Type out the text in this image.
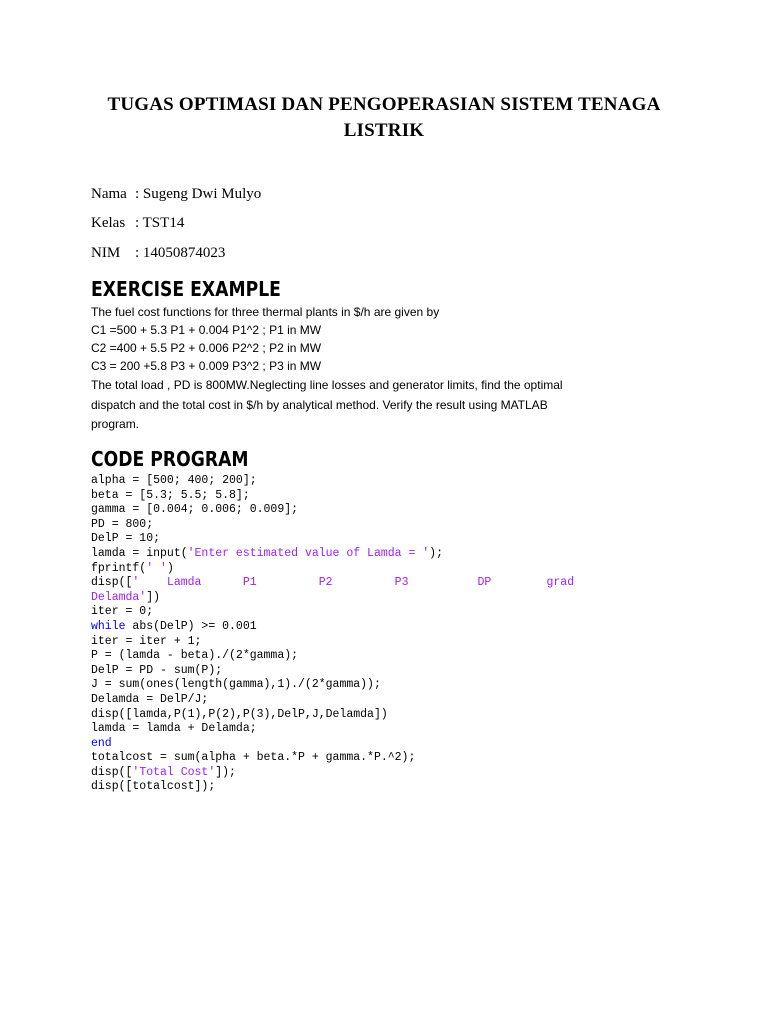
TUGAS OPTIMASI DAN PENGOPERASIAN SISTEM TENAGA
LISTRIK
Nama : Sugeng Dwi Mulyo
Kelas : TST14
NIM : 14050874023
EXERCISE EXAMPLE
The fuel cost functions for three thermal plants in $/h are given by
C1 =500 + 5.3 P1 + 0.004 P1^2 ; P1 in MW
C2 =400 + 5.5 P2 + 0.006 P2^2 ; P2 in MW
C3 = 200 +5.8 P3 + 0.009 P3^2 ; P3 in MW
The total load , PD is 800MW.Neglecting line losses and generator limits, find the optimal
dispatch and the total cost in $/h by analytical method. Verify the result using MATLAB
program.
CODE PROGRAM
alpha = [500; 400; 200];
beta = [5.3; 5.5; 5.8];
gamma = [0.004; 0.006; 0.009];
PD = 800;
DelP = 10;
lamda = input('Enter estimated value of Lamda = ');
fprintf(' ')
disp(['    Lamda      P1         P2         P3          DP        grad
Delamda'])
iter = 0;
while abs(DelP) >= 0.001
iter = iter + 1;
P = (lamda - beta)./(2*gamma);
DelP = PD - sum(P);
J = sum(ones(length(gamma),1)./(2*gamma));
Delamda = DelP/J;
disp([lamda,P(1),P(2),P(3),DelP,J,Delamda])
lamda = lamda + Delamda;
end
totalcost = sum(alpha + beta.*P + gamma.*P.^2);
disp(['Total Cost']);
disp([totalcost]);
